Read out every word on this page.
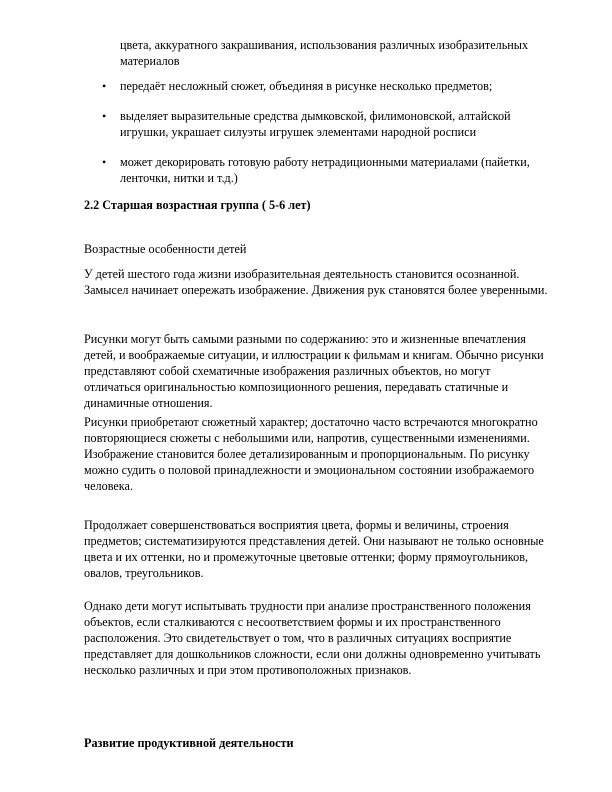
цвета, аккуратного закрашивания, использования различных изобразительных материалов

• передаёт несложный сюжет, объединяя в рисунке несколько предметов;
• выделяет выразительные средства дымковской, филимоновской, алтайской игрушки, украшает силуэты игрушек элементами народной росписи
• может декорировать готовую работу нетрадиционными материалами (пайетки, ленточки, нитки и т.д.)

2.2 Старшая возрастная группа ( 5-6 лет)

Возрастные особенности детей

У детей шестого года жизни изобразительная деятельность становится осознанной. Замысел начинает опережать изображение. Движения рук становятся более уверенными.

Рисунки могут быть самыми разными по содержанию: это и жизненные впечатления детей, и воображаемые ситуации, и иллюстрации к фильмам и книгам. Обычно рисунки представляют собой схематичные изображения различных объектов, но могут отличаться оригинальностью композиционного решения, передавать статичные и динамичные отношения.

Рисунки приобретают сюжетный характер; достаточно часто встречаются многократно повторяющиеся сюжеты с небольшими или, напротив, существенными изменениями. Изображение становится более детализированным и пропорциональным. По рисунку можно судить о половой принадлежности и эмоциональном состоянии изображаемого человека.

Продолжает совершенствоваться восприятия цвета, формы и величины, строения предметов; систематизируются представления детей. Они называют не только основные цвета и их оттенки, но и промежуточные цветовые оттенки; форму прямоугольников, овалов, треугольников.

Однако дети могут испытывать трудности при анализе пространственного положения объектов, если сталкиваются с несоответствием формы и их пространственного расположения. Это свидетельствует о том, что в различных ситуациях восприятие представляет для дошкольников сложности, если они должны одновременно учитывать несколько различных и при этом противоположных признаков.

Развитие продуктивной деятельности
